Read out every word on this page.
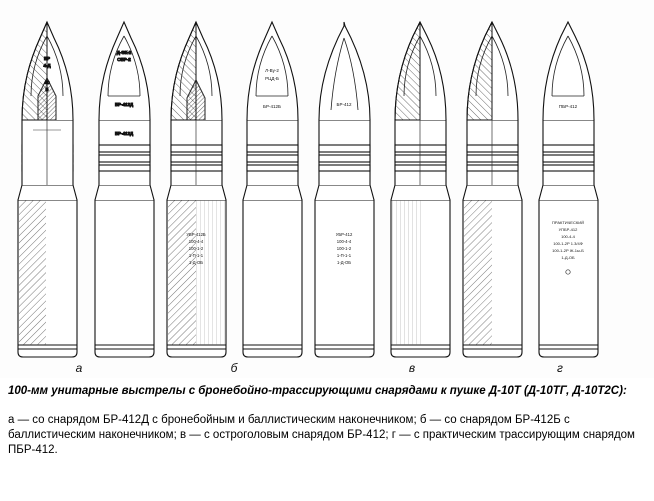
БР
4-Д
40
Б
а
Д-ЭК-2
ОБР-2
БР-412Д
БР-412Д
УБР-412Б
100-4-4
100-1-2
1-П-1-1
1-Д-ОБ
Л-Ву-2
РЦД-Б
БР-412Б
б
УБР-412
100-4-4
100-1-2
1-П-1-1
1-Д-ОБ
БР-412
в
ПБР-412
ПРАКТИЧЕСКИЙ
УПБР-412
100-4-4
100-1-2Р 1.3/4Ф
100-1-2Р Ж-1ы-Б
1-Д-ОБ
г

100-мм унитарные выстрелы с бронебойно-трассирующими снарядами к пушке Д-10Т (Д-10ТГ, Д-10Т2С):

а — со снарядом БР-412Д с бронебойным и баллистическим наконечником; б — со снарядом БР-412Б с баллистическим наконечником; в — с остроголовым снарядом БР-412; г — с практическим трассирующим снарядом ПБР-412.
